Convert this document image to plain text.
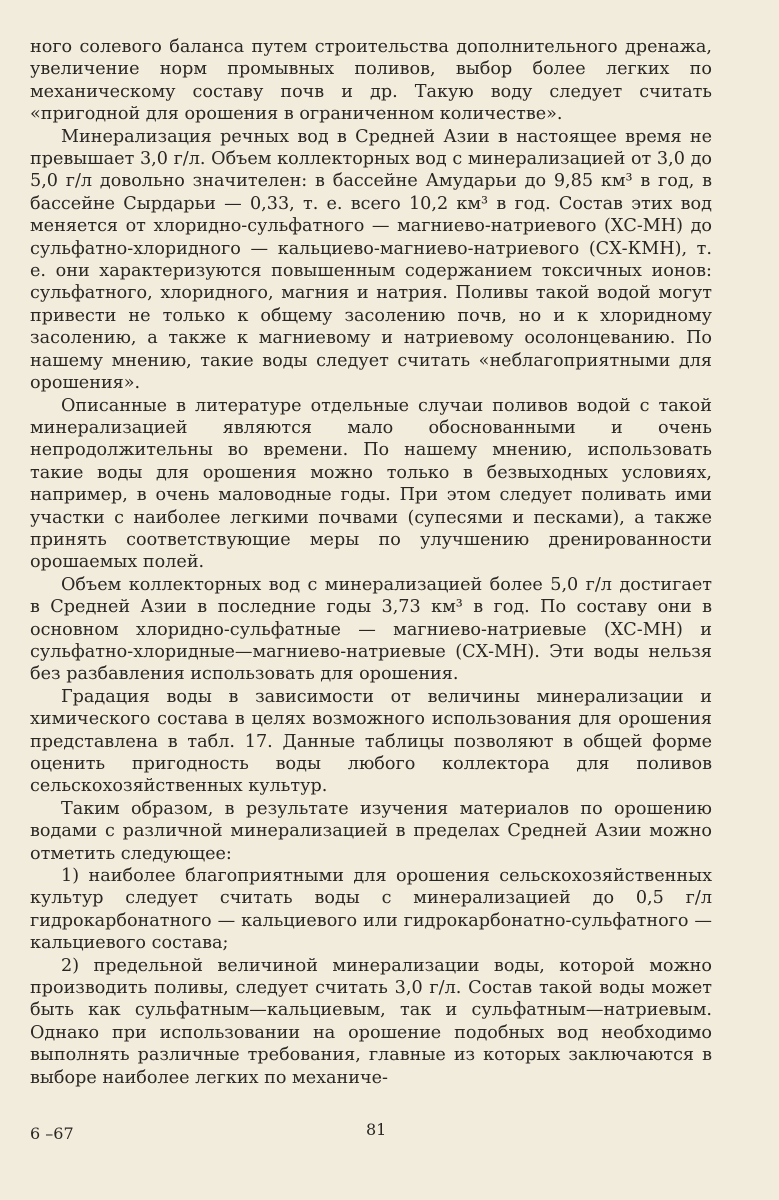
ного солевого баланса путем строительства дополнительного дренажа, увеличение норм промывных поливов, выбор более легких по механическому составу почв и др. Такую воду следует считать «пригодной для орошения в ограниченном количестве».

Минерализация речных вод в Средней Азии в настоящее время не превышает 3,0 г/л. Объем коллекторных вод с минерализацией от 3,0 до 5,0 г/л довольно значителен: в бассейне Амударьи до 9,85 км³ в год, в бассейне Сырдарьи — 0,33, т. е. всего 10,2 км³ в год. Состав этих вод меняется от хлоридно-сульфатного — магниево-натриевого (ХС-МН) до сульфатно-хлоридного — кальциево-магниево-натриевого (СХ-КМН), т. е. они характеризуются повышенным содержанием токсичных ионов: сульфатного, хлоридного, магния и натрия. Поливы такой водой могут привести не только к общему засолению почв, но и к хлоридному засолению, а также к магниевому и натриевому осолонцеванию. По нашему мнению, такие воды следует считать «неблагоприятными для орошения».

Описанные в литературе отдельные случаи поливов водой с такой минерализацией являются мало обоснованными и очень непродолжительны во времени. По нашему мнению, использовать такие воды для орошения можно только в безвыходных условиях, например, в очень маловодные годы. При этом следует поливать ими участки с наиболее легкими почвами (супесями и песками), а также принять соответствующие меры по улучшению дренированности орошаемых полей.

Объем коллекторных вод с минерализацией более 5,0 г/л достигает в Средней Азии в последние годы 3,73 км³ в год. По составу они в основном хлоридно-сульфатные — магниево-натриевые (ХС-МН) и сульфатно-хлоридные—магниево-натриевые (СХ-МН). Эти воды нельзя без разбавления использовать для орошения.

Градация воды в зависимости от величины минерализации и химического состава в целях возможного использования для орошения представлена в табл. 17. Данные таблицы позволяют в общей форме оценить пригодность воды любого коллектора для поливов сельскохозяйственных культур.

Таким образом, в результате изучения материалов по орошению водами с различной минерализацией в пределах Средней Азии можно отметить следующее:

1) наиболее благоприятными для орошения сельскохозяйственных культур следует считать воды с минерализацией до 0,5 г/л гидрокарбонатного — кальциевого или гидрокарбонатно-сульфатного — кальциевого состава;

2) предельной величиной минерализации воды, которой можно производить поливы, следует считать 3,0 г/л. Состав такой воды может быть как сульфатным—кальциевым, так и сульфатным—натриевым. Однако при использовании на орошение подобных вод необходимо выполнять различные требования, главные из которых заключаются в выборе наиболее легких по механиче-

6 –67	81
